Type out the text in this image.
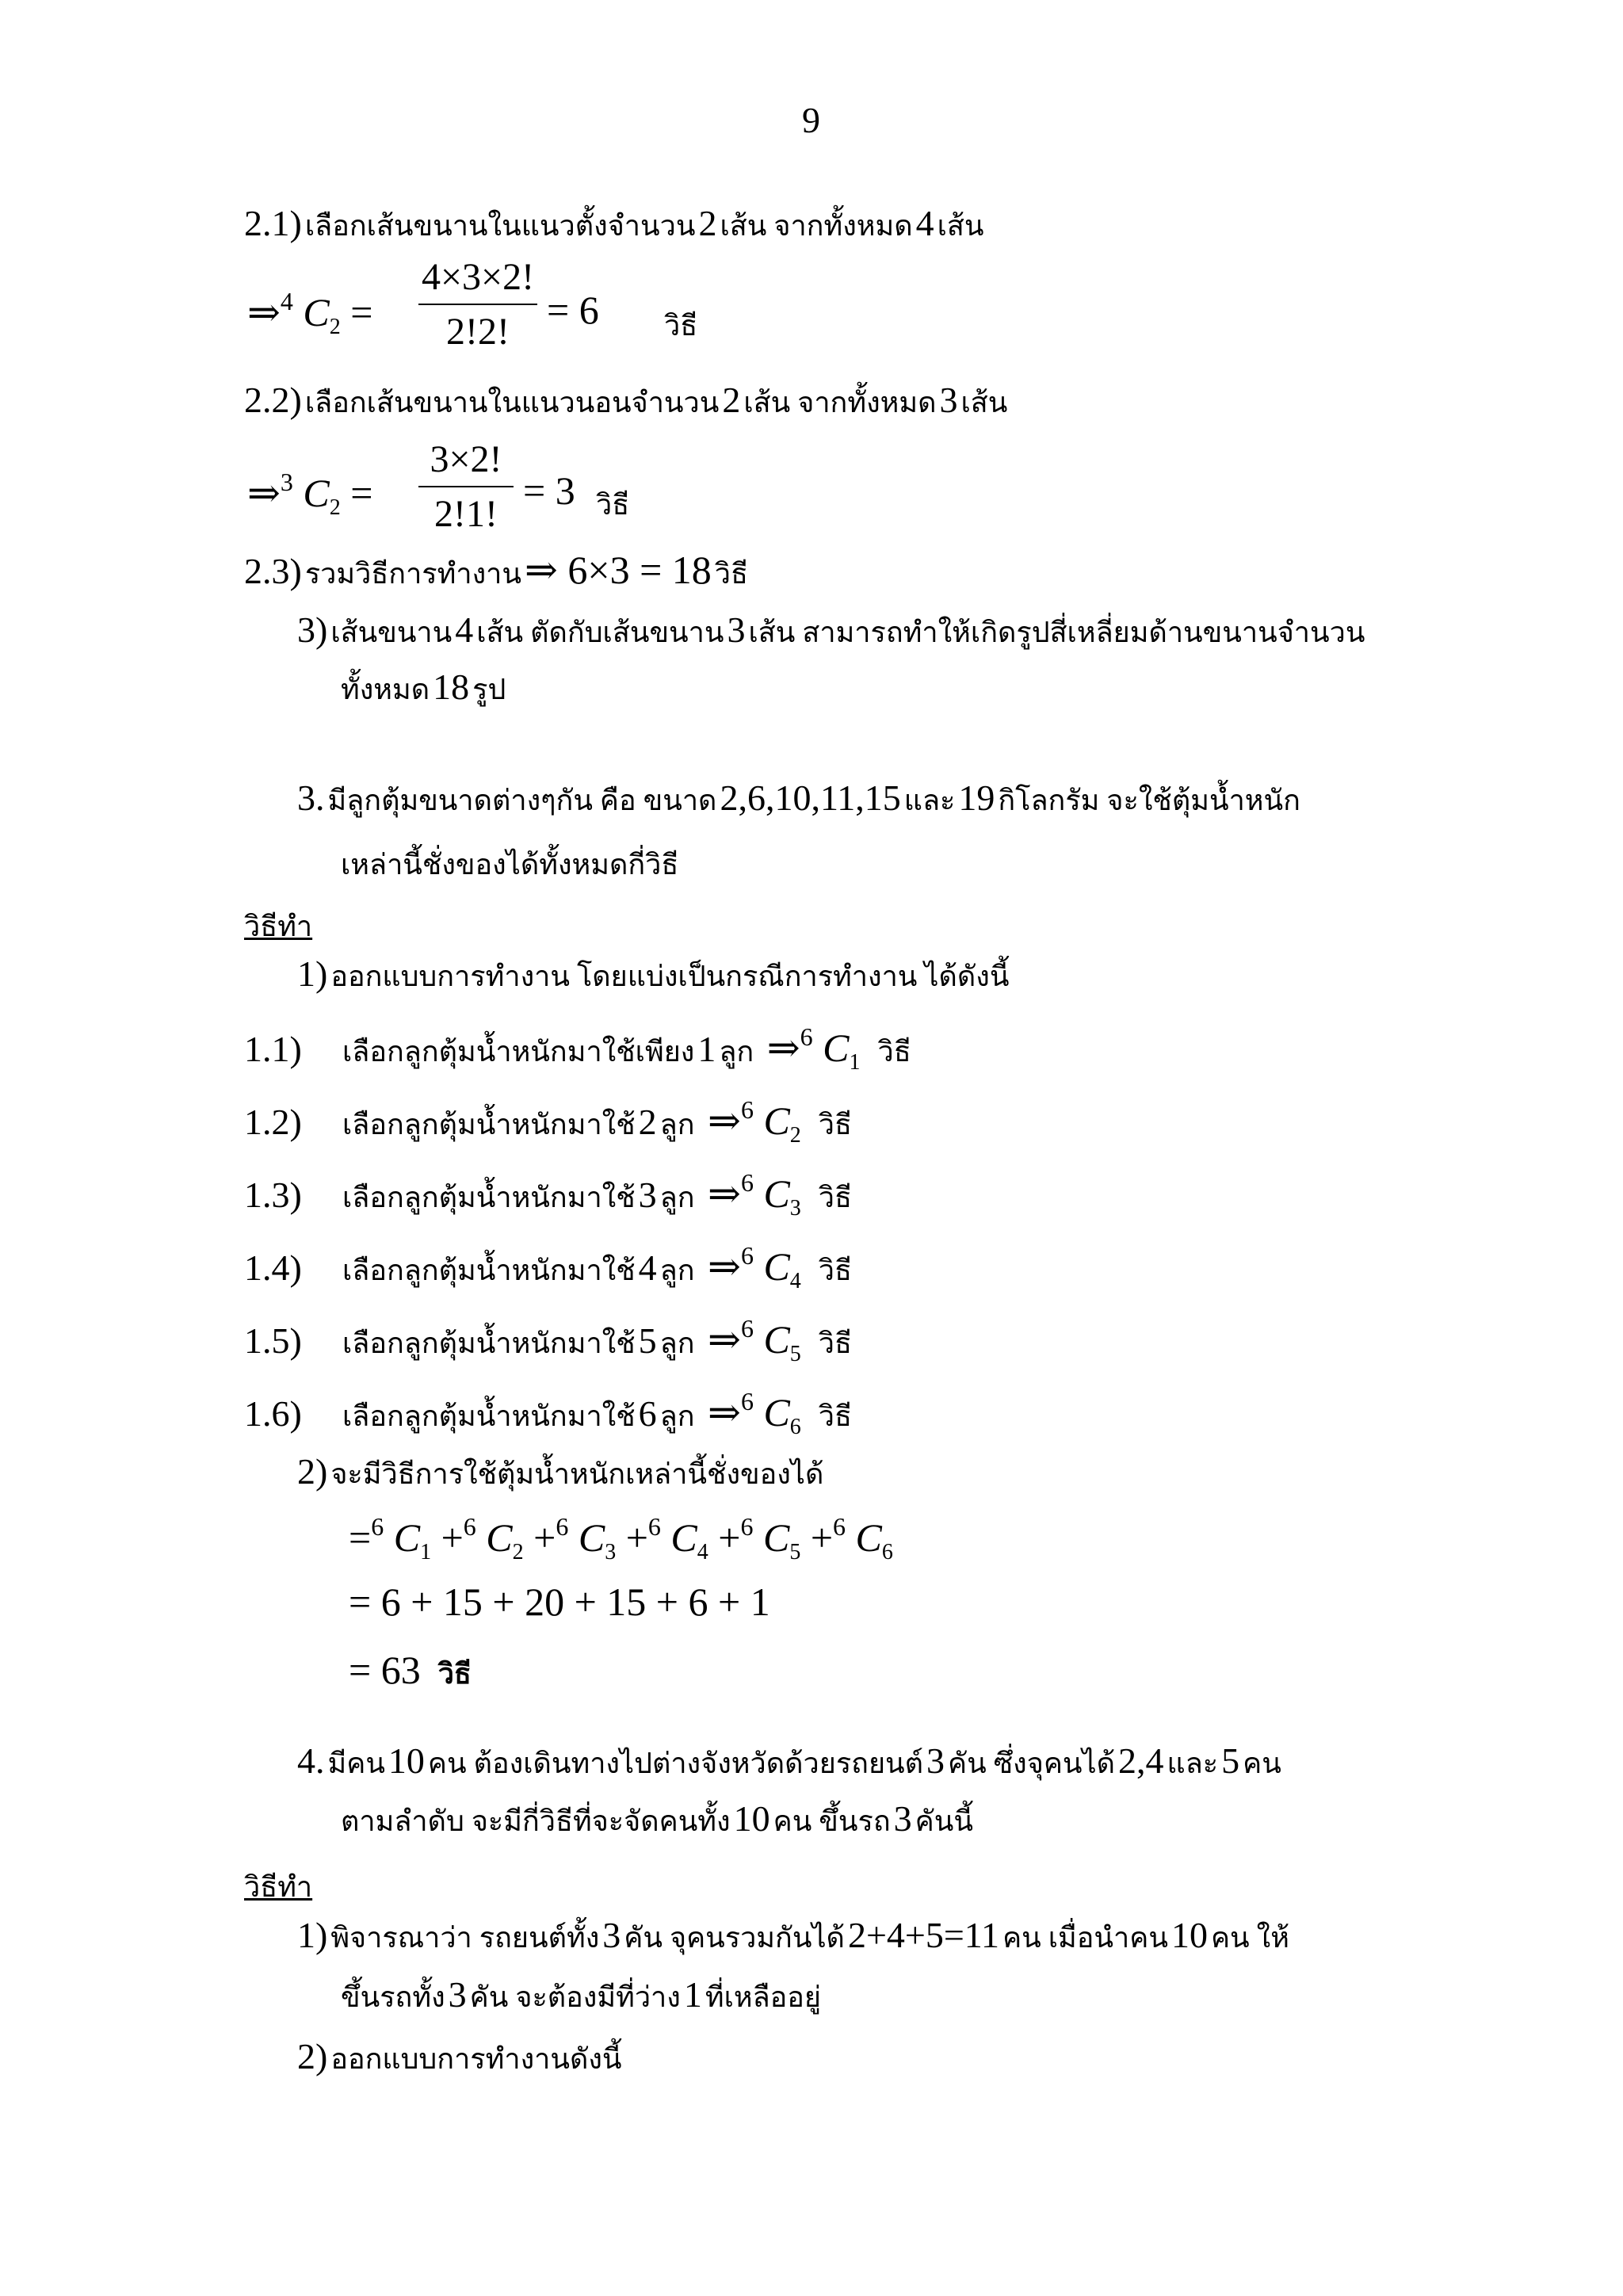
9
2.1) เลือกเส้นขนานในแนวตั้งจำนวน 2 เส้น จากทั้งหมด 4 เส้น
⇒$^4$ $C_2$ =
4×3×2!
2!2! = 6 วิธี
2.2) เลือกเส้นขนานในแนวนอนจำนวน 2 เส้น จากทั้งหมด 3 เส้น
⇒$^3$ $C_2$ =
3×2!
2!1!
= 3 วิธี
2.3) รวมวิธีการทำงาน ⇒ 6×3 = 18 วิธี
3) เส้นขนาน 4 เส้น ตัดกับเส้นขนาน 3 เส้น สามารถทำให้เกิดรูปสี่เหลี่ยมด้านขนานจำนวน
ทั้งหมด 18 รูป
3. มีลูกตุ้มขนาดต่างๆกัน คือ ขนาด 2,6,10,11,15 และ 19 กิโลกรัม จะใช้ตุ้มน้ำหนัก
เหล่านี้ชั่งของได้ทั้งหมดกี่วิธี
วิธีทำ
1) ออกแบบการทำงาน โดยแบ่งเป็นกรณีการทำงาน ได้ดังนี้
1.1) เลือกลูกตุ้มน้ำหนักมาใช้เพียง 1 ลูก  ⇒$^6$ $C_1$ วิธี
1.2) เลือกลูกตุ้มน้ำหนักมาใช้ 2 ลูก  ⇒$^6$ $C_2$ วิธี
1.3) เลือกลูกตุ้มน้ำหนักมาใช้ 3 ลูก  ⇒$^6$ $C_3$ วิธี
1.4) เลือกลูกตุ้มน้ำหนักมาใช้ 4 ลูก  ⇒$^6$ $C_4$ วิธี
1.5) เลือกลูกตุ้มน้ำหนักมาใช้ 5 ลูก  ⇒$^6$ $C_5$ วิธี
1.6) เลือกลูกตุ้มน้ำหนักมาใช้ 6 ลูก  ⇒$^6$ $C_6$ วิธี
2) จะมีวิธีการใช้ตุ้มน้ำหนักเหล่านี้ชั่งของได้
=$^6$ $C_1 +^6$ $C_2 +^6$ $C_3 +^6$ $C_4 +^6$ $C_5 +^6$ $C_6$
= 6 + 15 + 20 + 15 + 6 + 1
= 63 วิธี
4. มีคน 10 คน ต้องเดินทางไปต่างจังหวัดด้วยรถยนต์ 3 คัน ซึ่งจุคนได้ 2,4 และ 5 คน
ตามลำดับ จะมีกี่วิธีที่จะจัดคนทั้ง 10 คน ขึ้นรถ 3 คันนี้
วิธีทำ
1) พิจารณาว่า รถยนต์ทั้ง 3 คัน จุคนรวมกันได้ 2+4+5=11 คน เมื่อนำคน 10 คน ให้
ขึ้นรถทั้ง 3 คัน จะต้องมีที่ว่าง 1 ที่เหลืออยู่
2) ออกแบบการทำงานดังนี้
